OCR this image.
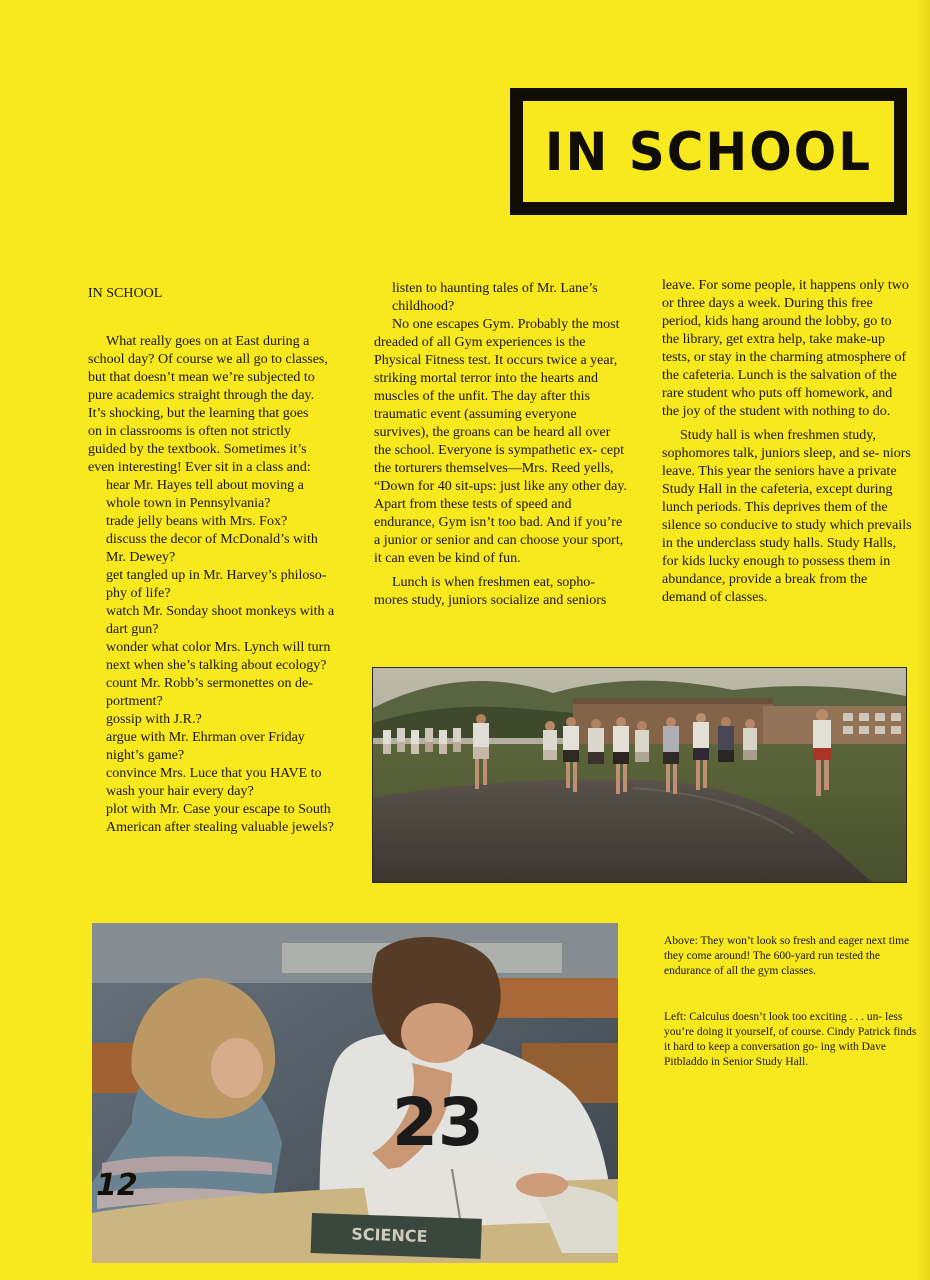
IN SCHOOL

IN SCHOOL

What really goes on at East during a

school day? Of course we all go to classes,

but that doesn’t mean we’re subjected to

pure academics straight through the day.

It’s shocking, but the learning that goes

on in classrooms is often not strictly

guided by the textbook. Sometimes it’s

even interesting! Ever sit in a class and:

hear Mr. Hayes tell about moving a whole town in Pennsylvania?

trade jelly beans with Mrs. Fox?

discuss the decor of McDonald’s with Mr. Dewey?

get tangled up in Mr. Harvey’s philoso- phy of life?

watch Mr. Sonday shoot monkeys with a dart gun?

wonder what color Mrs. Lynch will turn next when she’s talking about ecology?

count Mr. Robb’s sermonettes on de- portment?

gossip with J.R.?

argue with Mr. Ehrman over Friday night’s game?

convince Mrs. Luce that you HAVE to wash your hair every day?

plot with Mr. Case your escape to South American after stealing valuable jewels?

listen to haunting tales of Mr. Lane’s childhood?

No one escapes Gym. Probably the most dreaded of all Gym experiences is the Physical Fitness test. It occurs twice a year, striking mortal terror into the hearts and muscles of the unfit. The day after this traumatic event (assuming everyone survives), the groans can be heard all over the school. Everyone is sympathetic ex- cept the torturers themselves—Mrs. Reed yells, “Down for 40 sit-ups: just like any other day. Apart from these tests of speed and endurance, Gym isn’t too bad. And if you’re a junior or senior and can choose your sport, it can even be kind of fun.

Lunch is when freshmen eat, sopho- mores study, juniors socialize and seniors

leave. For some people, it happens only two or three days a week. During this free period, kids hang around the lobby, go to the library, get extra help, take make-up tests, or stay in the charming atmosphere of the cafeteria. Lunch is the salvation of the rare student who puts off homework, and the joy of the student with nothing to do.

Study hall is when freshmen study, sophomores talk, juniors sleep, and se- niors leave. This year the seniors have a private Study Hall in the cafeteria, except during lunch periods. This deprives them of the silence so conducive to study which prevails in the underclass study halls. Study Halls, for kids lucky enough to possess them in abundance, provide a break from the demand of classes.

23
SCIENCE
12

Above: They won’t look so fresh and eager next time they come around! The 600-yard run tested the endurance of all the gym classes.

Left: Calculus doesn’t look too exciting . . . un- less you’re doing it yourself, of course. Cindy Patrick finds it hard to keep a conversation go- ing with Dave Pitbladdo in Senior Study Hall.
